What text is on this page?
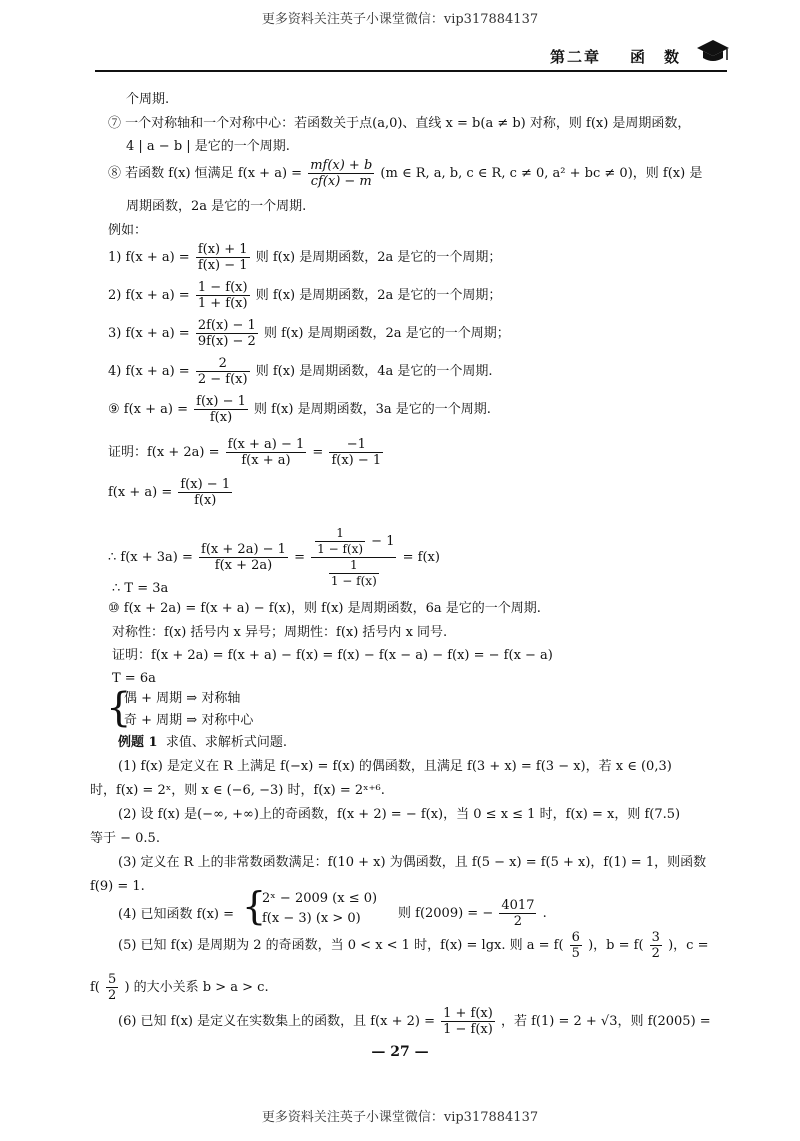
更多资料关注英子小课堂微信：vip317884137
第二章 函　数
个周期.
⑦ 一个对称轴和一个对称中心：若函数关于点(a,0)、直线 x = b(a ≠ b) 对称，则 f(x) 是周期函数，
4 | a − b | 是它的一个周期.
⑧ 若函数 f(x) 恒满足 $f(x + a) = \frac{mf(x) + b}{cf(x) - m} (m$ ∈ R, a, b, c ∈ R, c ≠ 0, a² + bc ≠ 0)，则 f(x) 是
周期函数，2a 是它的一个周期.
例如：
1) $f(x + a) = \frac{f(x) + 1}{f(x) - 1}$ 则 f(x) 是周期函数，2a 是它的一个周期；
2) $f(x + a) = \frac{1 - f(x)}{1 + f(x)}$ 则 f(x) 是周期函数，2a 是它的一个周期；
3) $f(x + a) = \frac{2f(x) - 1}{9f(x) - 2}$ 则 f(x) 是周期函数，2a 是它的一个周期；
4) $f(x + a) = \frac{2}{2 - f(x)}$ 则 f(x) 是周期函数，4a 是它的一个周期.
⑨ $f(x + a) = \frac{f(x) - 1}{f(x)}$ 则 f(x) 是周期函数，3a 是它的一个周期.
证明：$f(x + 2a) = \frac{f(x + a) - 1}{f(x + a)} = \frac{-1}{f(x) - 1}$
$f(x + a) = \frac{f(x) - 1}{f(x)}$
∴ $f(x + 3a) = \frac{f(x + 2a) - 1}{f(x + 2a)} = \frac{\frac{1}{1 - f(x)} - 1}{\frac{1}{1 - f(x)}} = f(x)$
∴ T = 3a
⑩ f(x + 2a) = f(x + a) − f(x)，则 f(x) 是周期函数，6a 是它的一个周期.
对称性：f(x) 括号内 x 异号；周期性：f(x) 括号内 x 同号.
证明：f(x + 2a) = f(x + a) − f(x) = f(x) − f(x − a) − f(x) = − f(x − a)
T = 6a
{
偶 + 周期 ⇒ 对称轴
奇 + 周期 ⇒ 对称中心
例题 1 求值、求解析式问题.
(1) f(x) 是定义在 R 上满足 f(−x) = f(x) 的偶函数，且满足 f(3 + x) = f(3 − x)，若 x ∈ (0,3)
时，f(x) = 2ˣ，则 x ∈ (−6, −3) 时，f(x) = 2ˣ⁺⁶.
(2) 设 f(x) 是(−∞, +∞)上的奇函数，f(x + 2) = − f(x)，当 0 ≤ x ≤ 1 时，f(x) = x，则 f(7.5)
等于 − 0.5.
(3) 定义在 R 上的非常数函数满足：f(10 + x) 为偶函数，且 f(5 − x) = f(5 + x)，f(1) = 1，则函数
f(9) = 1.
(4) 已知函数 f(x) = {
2ˣ − 2009 (x ≤ 0)
f(x − 3) (x > 0)	则 f(2009) = − $\frac{4017}{2}$ .
(5) 已知 f(x) 是周期为 2 的奇函数，当 0 < x < 1 时，f(x) = lgx. 则 $a = f( \frac{6}{5}$ )，$b = f( \frac{3}{2}$ )，c =
$f( \frac{5}{2}$ ) 的大小关系 b > a > c.
(6) 已知 f(x) 是定义在实数集上的函数，且 $f(x + 2) = \frac{1 + f(x)}{1 - f(x)}$ ，若 f(1) = 2 + √3，则 f(2005) =
— 27 —
更多资料关注英子小课堂微信：vip317884137
